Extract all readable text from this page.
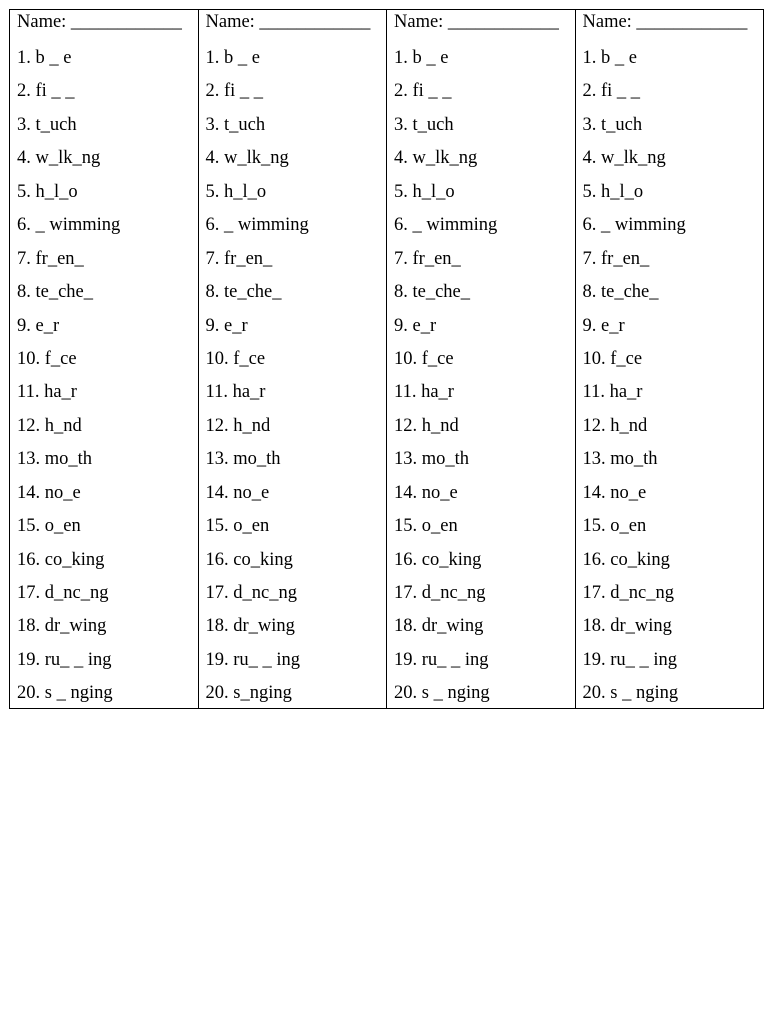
Name: ____________
1. b _ e
2. fi _ _
3. t_uch
4. w_lk_ng
5. h_l_o
6. _ wimming
7. fr_en_
8. te_che_
9. e_r
10. f_ce
11. ha_r
12. h_nd
13. mo_th
14. no_e
15. o_en
16. co_king
17. d_nc_ng
18. dr_wing
19. ru_ _ ing
20. s _ nging
Name: ____________
1. b _ e
2. fi _ _
3. t_uch
4. w_lk_ng
5. h_l_o
6. _ wimming
7. fr_en_
8. te_che_
9. e_r
10. f_ce
11. ha_r
12. h_nd
13. mo_th
14. no_e
15. o_en
16. co_king
17. d_nc_ng
18. dr_wing
19. ru_ _ ing
20. s_nging
Name: ____________
1. b _ e
2. fi _ _
3. t_uch
4. w_lk_ng
5. h_l_o
6. _ wimming
7. fr_en_
8. te_che_
9. e_r
10. f_ce
11. ha_r
12. h_nd
13. mo_th
14. no_e
15. o_en
16. co_king
17. d_nc_ng
18. dr_wing
19. ru_ _ ing
20. s _ nging
Name: ____________
1. b _ e
2. fi _ _
3. t_uch
4. w_lk_ng
5. h_l_o
6. _ wimming
7. fr_en_
8. te_che_
9. e_r
10. f_ce
11. ha_r
12. h_nd
13. mo_th
14. no_e
15. o_en
16. co_king
17. d_nc_ng
18. dr_wing
19. ru_ _ ing
20. s _ nging
